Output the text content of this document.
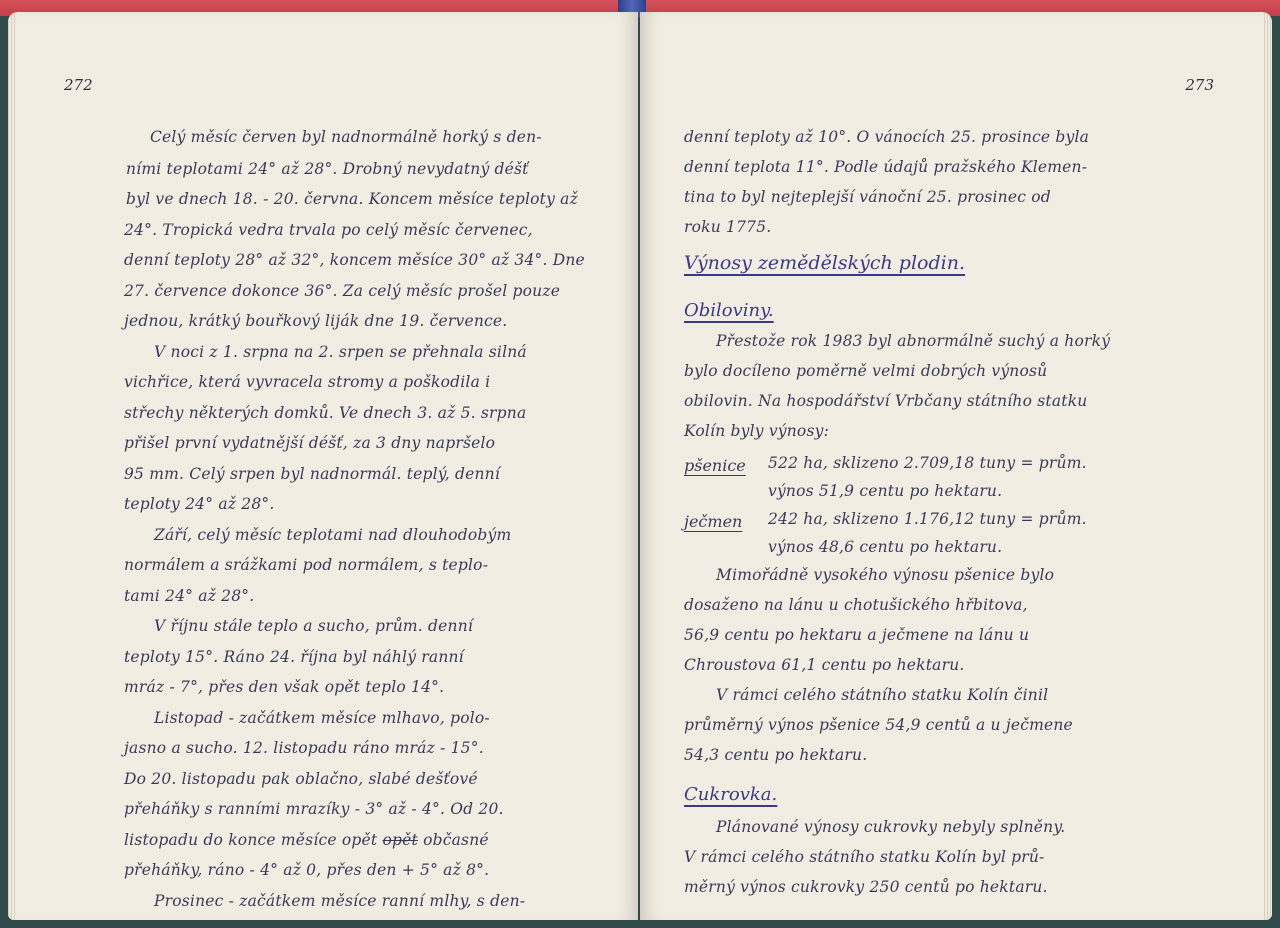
272
Celý měsíc červen byl nadnormálně horký s den-
ními teplotami 24° až 28°. Drobný nevydatný déšť
byl ve dnech 18. - 20. června. Koncem měsíce teploty až
24°. Tropická vedra trvala po celý měsíc červenec,
denní teploty 28° až 32°, koncem měsíce 30° až 34°. Dne
27. července dokonce 36°. Za celý měsíc prošel pouze
jednou, krátký bouřkový liják dne 19. července.
V noci z 1. srpna na 2. srpen se přehnala silná
vichřice, která vyvracela stromy a poškodila i
střechy některých domků. Ve dnech 3. až 5. srpna
přišel první vydatnější déšť, za 3 dny napršelo
95 mm. Celý srpen byl nadnormál. teplý, denní
teploty 24° až 28°.
Září, celý měsíc teplotami nad dlouhodobým
normálem a srážkami pod normálem, s teplo-
tami 24° až 28°.
V říjnu stále teplo a sucho, prům. denní
teploty 15°. Ráno 24. října byl náhlý ranní
mráz - 7°, přes den však opět teplo 14°.
Listopad - začátkem měsíce mlhavo, polo-
jasno a sucho. 12. listopadu ráno mráz - 15°.
Do 20. listopadu pak oblačno, slabé dešťové
přeháňky s ranními mrazíky - 3° až - 4°. Od 20.
listopadu do konce měsíce opět opět občasné
přeháňky, ráno - 4° až 0, přes den + 5° až 8°.
Prosinec - začátkem měsíce ranní mlhy, s den-
273
denní teploty až 10°. O vánocích 25. prosince byla
denní teplota 11°. Podle údajů pražského Klemen-
tina to byl nejteplejší vánoční 25. prosinec od
roku 1775.
Výnosy zemědělských plodin.
Obiloviny.
Přestože rok 1983 byl abnormálně suchý a horký
bylo docíleno poměrně velmi dobrých výnosů
obilovin. Na hospodářství Vrbčany státního statku
Kolín byly výnosy:
pšenice 522 ha, sklizeno 2.709,18 tuny = prům.
výnos 51,9 centu po hektaru.
ječmen 242 ha, sklizeno 1.176,12 tuny = prům.
výnos 48,6 centu po hektaru.
Mimořádně vysokého výnosu pšenice bylo
dosaženo na lánu u chotušického hřbitova,
56,9 centu po hektaru a ječmene na lánu u
Chroustova 61,1 centu po hektaru.
V rámci celého státního statku Kolín činil
průměrný výnos pšenice 54,9 centů a u ječmene
54,3 centu po hektaru.
Cukrovka.
Plánované výnosy cukrovky nebyly splněny.
V rámci celého státního statku Kolín byl prů-
měrný výnos cukrovky 250 centů po hektaru.
